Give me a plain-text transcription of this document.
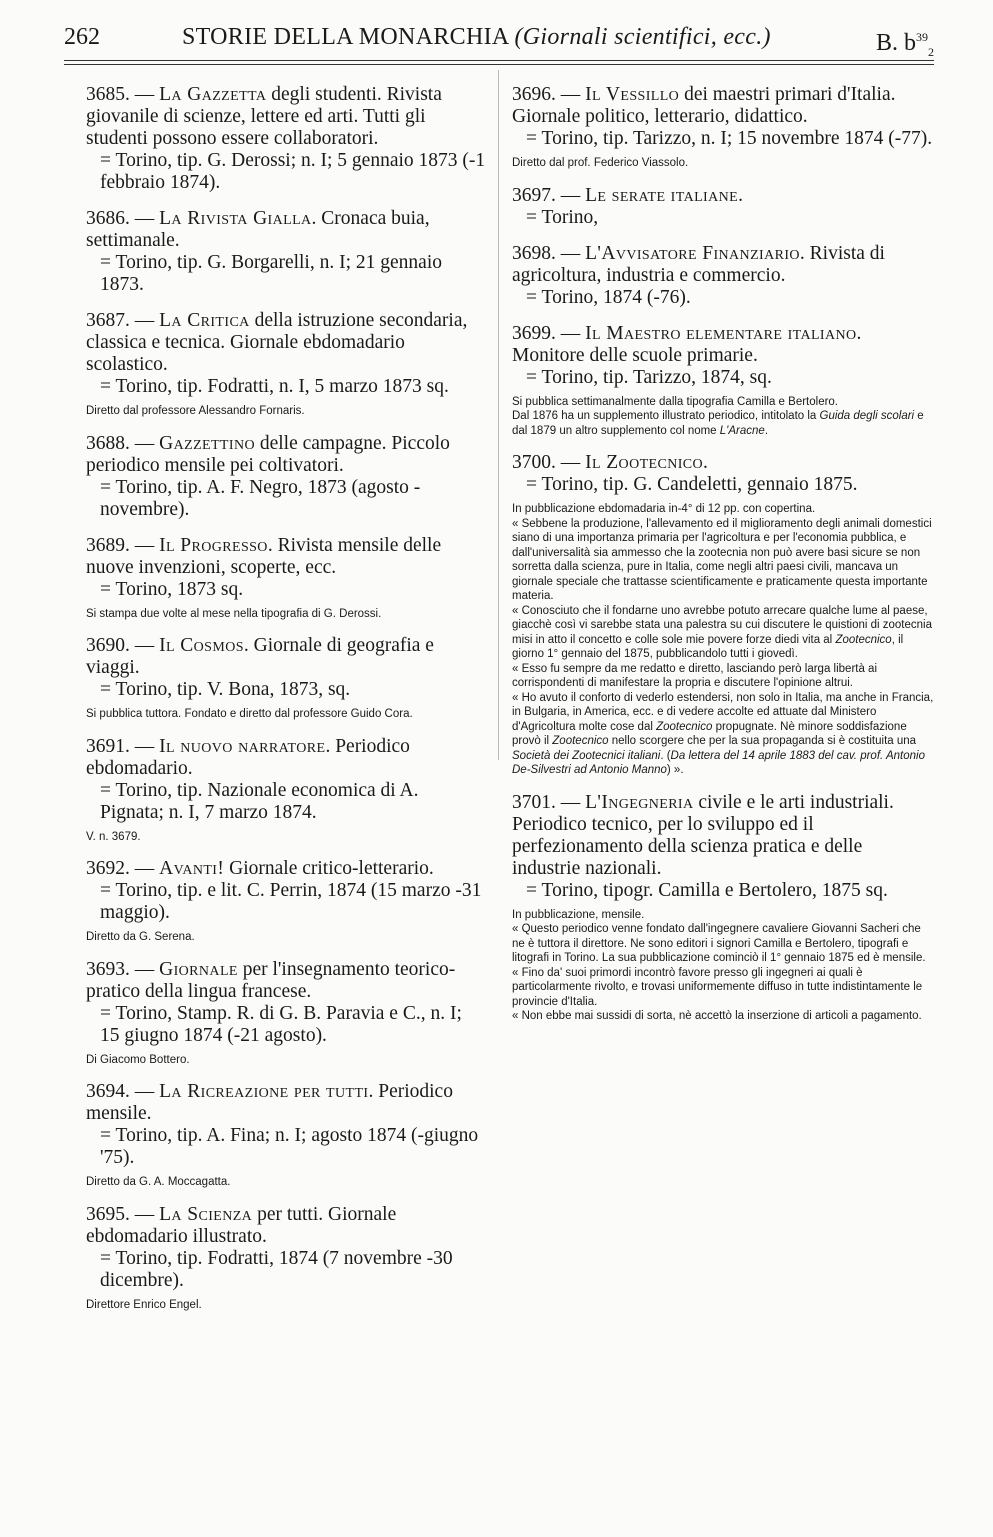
262	STORIE DELLA MONARCHIA (Giornali scientifici, ecc.)	B. $b^{39}_2$
3685. — La Gazzetta degli studenti. Rivista giovanile di scienze, lettere ed arti. Tutti gli studenti possono essere collaboratori.
= Torino, tip. G. Derossi; n. I; 5 gennaio 1873 (-1 febbraio 1874).
3686. — La Rivista Gialla. Cronaca buia, settimanale.
= Torino, tip. G. Borgarelli, n. I; 21 gennaio 1873.
3687. — La Critica della istruzione secondaria, classica e tecnica. Giornale ebdomadario scolastico.
= Torino, tip. Fodratti, n. I, 5 marzo 1873 sq.

Diretto dal professore Alessandro Fornaris.

3688. — Gazzettino delle campagne. Piccolo periodico mensile pei coltivatori.
= Torino, tip. A. F. Negro, 1873 (agosto -novembre).
3689. — Il Progresso. Rivista mensile delle nuove invenzioni, scoperte, ecc.
= Torino, 1873 sq.

Si stampa due volte al mese nella tipografia di G. Derossi.

3690. — Il Cosmos. Giornale di geografia e viaggi.
= Torino, tip. V. Bona, 1873, sq.

Si pubblica tuttora. Fondato e diretto dal professore Guido Cora.

3691. — Il nuovo narratore. Periodico ebdomadario.
= Torino, tip. Nazionale economica di A. Pignata; n. I, 7 marzo 1874.

V. n. 3679.

3692. — Avanti! Giornale critico-letterario.
= Torino, tip. e lit. C. Perrin, 1874 (15 marzo -31 maggio).

Diretto da G. Serena.

3693. — Giornale per l'insegnamento teorico-pratico della lingua francese.
= Torino, Stamp. R. di G. B. Paravia e C., n. I; 15 giugno 1874 (-21 agosto).

Di Giacomo Bottero.

3694. — La Ricreazione per tutti. Periodico mensile.
= Torino, tip. A. Fina; n. I; agosto 1874 (-giugno '75).

Diretto da G. A. Moccagatta.

3695. — La Scienza per tutti. Giornale ebdomadario illustrato.
= Torino, tip. Fodratti, 1874 (7 novembre -30 dicembre).

Direttore Enrico Engel.

3696. — Il Vessillo dei maestri primari d'Italia. Giornale politico, letterario, didattico.
= Torino, tip. Tarizzo, n. I; 15 novembre 1874 (-77).

Diretto dal prof. Federico Viassolo.

3697. — Le serate italiane.
= Torino,
3698. — L'Avvisatore Finanziario. Rivista di agricoltura, industria e commercio.
= Torino, 1874 (-76).
3699. — Il Maestro elementare italiano. Monitore delle scuole primarie.
= Torino, tip. Tarizzo, 1874, sq.

Si pubblica settimanalmente dalla tipografia Camilla e Bertolero.

Dal 1876 ha un supplemento illustrato periodico, intitolato la Guida degli scolari e dal 1879 un altro supplemento col nome L'Aracne.

3700. — Il Zootecnico.
= Torino, tip. G. Candeletti, gennaio 1875.

In pubblicazione ebdomadaria in-4° di 12 pp. con copertina.

« Sebbene la produzione, l'allevamento ed il miglioramento degli animali domestici siano di una importanza primaria per l'agricoltura e per l'economia pubblica, e dall'universalità sia ammesso che la zootecnia non può avere basi sicure se non sorretta dalla scienza, pure in Italia, come negli altri paesi civili, mancava un giornale speciale che trattasse scientificamente e praticamente questa importante materia.

« Conosciuto che il fondarne uno avrebbe potuto arrecare qualche lume al paese, giacchè così vi sarebbe stata una palestra su cui discutere le quistioni di zootecnia misi in atto il concetto e colle sole mie povere forze diedi vita al Zootecnico, il giorno 1° gennaio del 1875, pubblicandolo tutti i giovedì.

« Esso fu sempre da me redatto e diretto, lasciando però larga libertà ai corrispondenti di manifestare la propria e discutere l'opinione altrui.

« Ho avuto il conforto di vederlo estendersi, non solo in Italia, ma anche in Francia, in Bulgaria, in America, ecc. e di vedere accolte ed attuate dal Ministero d'Agricoltura molte cose dal Zootecnico propugnate. Nè minore soddisfazione provò il Zootecnico nello scorgere che per la sua propaganda si è costituita una Società dei Zootecnici italiani. (Da lettera del 14 aprile 1883 del cav. prof. Antonio De-Silvestri ad Antonio Manno) ».

3701. — L'Ingegneria civile e le arti industriali. Periodico tecnico, per lo sviluppo ed il perfezionamento della scienza pratica e delle industrie nazionali.
= Torino, tipogr. Camilla e Bertolero, 1875 sq.

In pubblicazione, mensile.

« Questo periodico venne fondato dall'ingegnere cavaliere Giovanni Sacheri che ne è tuttora il direttore. Ne sono editori i signori Camilla e Bertolero, tipografi e litografi in Torino. La sua pubblicazione cominciò il 1° gennaio 1875 ed è mensile.

« Fino da' suoi primordi incontrò favore presso gli ingegneri ai quali è particolarmente rivolto, e trovasi uniformemente diffuso in tutte indistintamente le provincie d'Italia.

« Non ebbe mai sussidi di sorta, nè accettò la inserzione di articoli a pagamento.
